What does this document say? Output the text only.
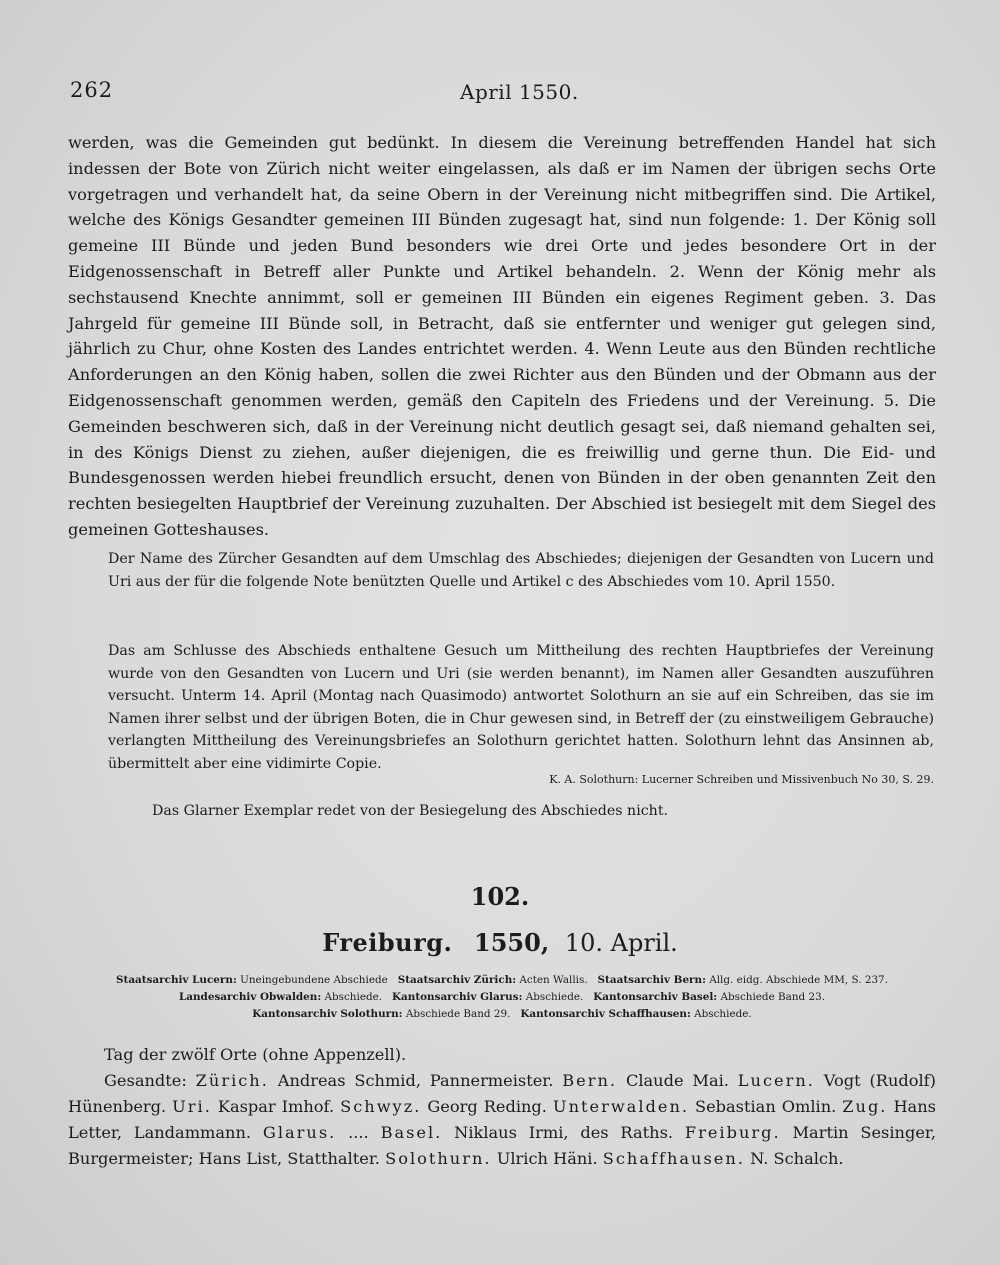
262	April 1550.

werden, was die Gemeinden gut bedünkt. In diesem die Vereinung betreffenden Handel hat sich indessen der Bote von Zürich nicht weiter eingelassen, als daß er im Namen der übrigen sechs Orte vorgetragen und verhandelt hat, da seine Obern in der Vereinung nicht mitbegriffen sind. Die Artikel, welche des Königs Gesandter gemeinen III Bünden zugesagt hat, sind nun folgende: 1. Der König soll gemeine III Bünde und jeden Bund besonders wie drei Orte und jedes besondere Ort in der Eidgenossenschaft in Betreff aller Punkte und Artikel behandeln. 2. Wenn der König mehr als sechstausend Knechte annimmt, soll er gemeinen III Bünden ein eigenes Regiment geben. 3. Das Jahrgeld für gemeine III Bünde soll, in Betracht, daß sie entfernter und weniger gut gelegen sind, jährlich zu Chur, ohne Kosten des Landes entrichtet werden. 4. Wenn Leute aus den Bünden rechtliche Anforderungen an den König haben, sollen die zwei Richter aus den Bünden und der Obmann aus der Eidgenossenschaft genommen werden, gemäß den Capiteln des Friedens und der Vereinung. 5. Die Gemeinden beschweren sich, daß in der Vereinung nicht deutlich gesagt sei, daß niemand gehalten sei, in des Königs Dienst zu ziehen, außer diejenigen, die es freiwillig und gerne thun. Die Eid- und Bundesgenossen werden hiebei freundlich ersucht, denen von Bünden in der oben genannten Zeit den rechten besiegelten Hauptbrief der Vereinung zuzuhalten. Der Abschied ist besiegelt mit dem Siegel des gemeinen Gotteshauses.

Der Name des Zürcher Gesandten auf dem Umschlag des Abschiedes; diejenigen der Gesandten von Lucern und Uri aus der für die folgende Note benützten Quelle und Artikel c des Abschiedes vom 10. April 1550.

Das am Schlusse des Abschieds enthaltene Gesuch um Mittheilung des rechten Hauptbriefes der Vereinung wurde von den Gesandten von Lucern und Uri (sie werden benannt), im Namen aller Gesandten auszuführen versucht. Unterm 14. April (Montag nach Quasimodo) antwortet Solothurn an sie auf ein Schreiben, das sie im Namen ihrer selbst und der übrigen Boten, die in Chur gewesen sind, in Betreff der (zu einstweiligem Gebrauche) verlangten Mittheilung des Vereinungsbriefes an Solothurn gerichtet hatten. Solothurn lehnt das Ansinnen ab, übermittelt aber eine vidimirte Copie.

K. A. Solothurn: Lucerner Schreiben und Missivenbuch No 30, S. 29.
Das Glarner Exemplar redet von der Besiegelung des Abschiedes nicht.
102.
Freiburg. 1550, 10. April.
Staatsarchiv Lucern: Uneingebundene Abschiede Staatsarchiv Zürich: Acten Wallis. Staatsarchiv Bern: Allg. eidg. Abschiede MM, S. 237.
Landesarchiv Obwalden: Abschiede. Kantonsarchiv Glarus: Abschiede. Kantonsarchiv Basel: Abschiede Band 23.
Kantonsarchiv Solothurn: Abschiede Band 29. Kantonsarchiv Schaffhausen: Abschiede.

Tag der zwölf Orte (ohne Appenzell).

Gesandte: Zürich. Andreas Schmid, Pannermeister. Bern. Claude Mai. Lucern. Vogt (Rudolf) Hünenberg. Uri. Kaspar Imhof. Schwyz. Georg Reding. Unterwalden. Sebastian Omlin. Zug. Hans Letter, Landammann. Glarus. .... Basel. Niklaus Irmi, des Raths. Freiburg. Martin Sesinger, Burgermeister; Hans List, Statthalter. Solothurn. Ulrich Häni. Schaffhausen. N. Schalch.
